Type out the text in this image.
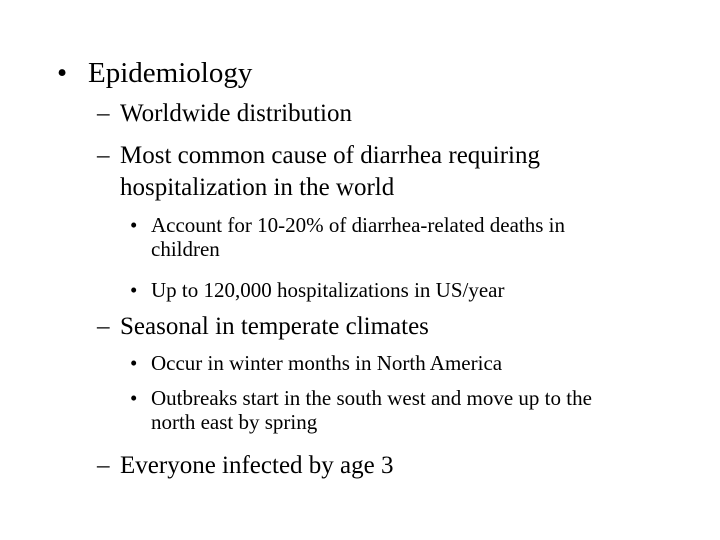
• Epidemiology
– Worldwide distribution
– Most common cause of diarrhea requiring
hospitalization in the world
• Account for 10-20% of diarrhea-related deaths in
children
• Up to 120,000 hospitalizations in US/year
– Seasonal in temperate climates
• Occur in winter months in North America
• Outbreaks start in the south west and move up to the
north east by spring
– Everyone infected by age 3
